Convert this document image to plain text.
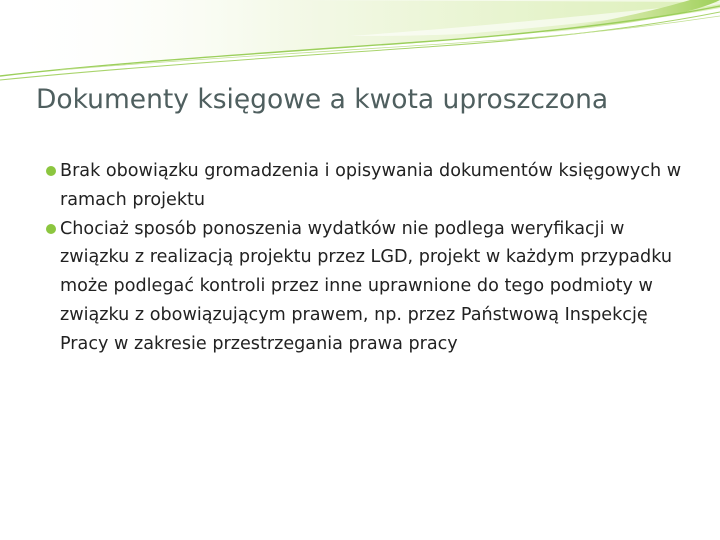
Dokumenty księgowe a kwota uproszczona
Brak obowiązku gromadzenia i opisywania dokumentów księgowych w ramach projektu
Chociaż sposób ponoszenia wydatków nie podlega weryfikacji w związku z realizacją projektu przez LGD, projekt w każdym przypadku może podlegać kontroli przez inne uprawnione do tego podmioty w związku z obowiązującym prawem, np. przez Państwową Inspekcję Pracy w zakresie przestrzegania prawa pracy
